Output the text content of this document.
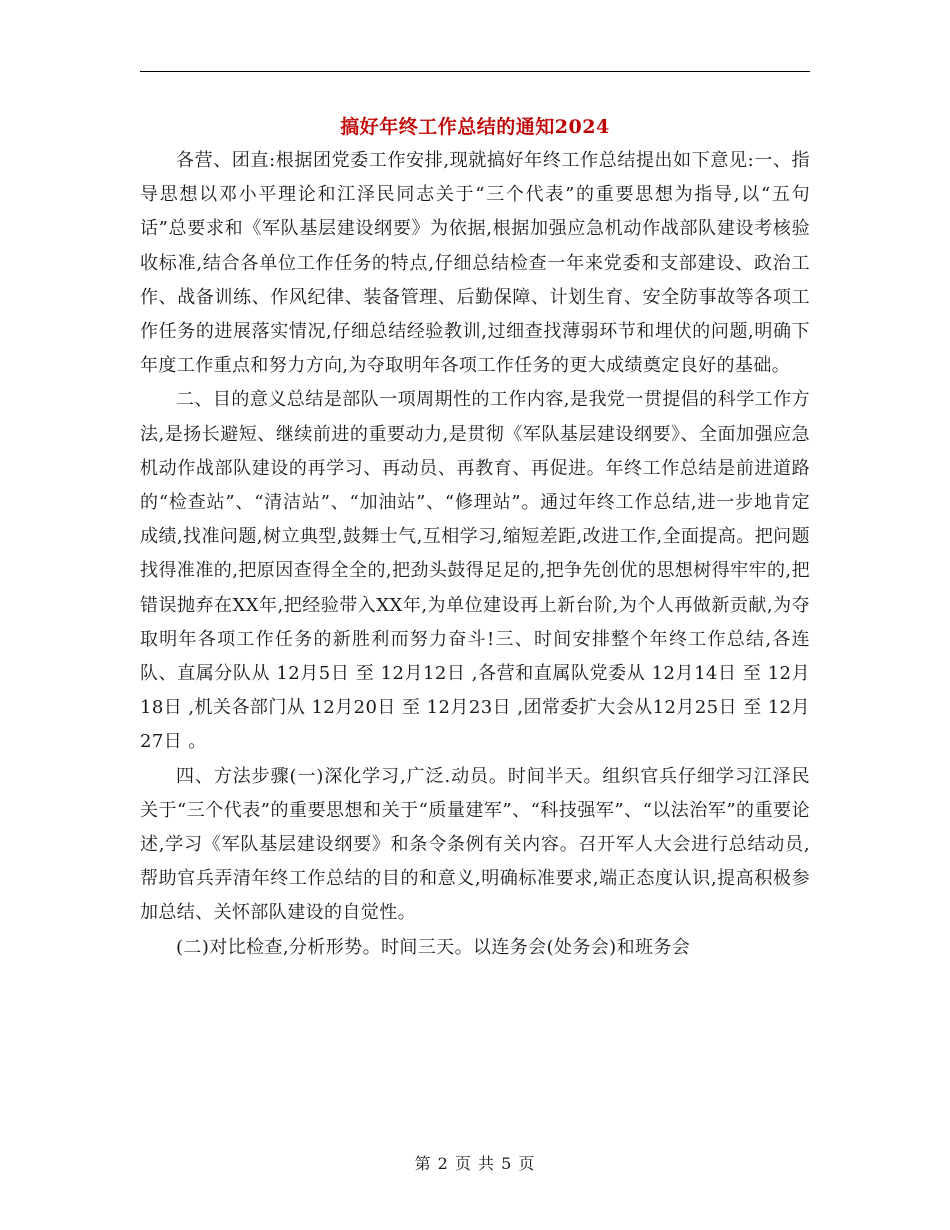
搞好年终工作总结的通知2024

各营、团直:根据团党委工作安排,现就搞好年终工作总结提出如下意见:一、指导思想以邓小平理论和江泽民同志关于“三个代表”的重要思想为指导,以“五句话”总要求和《军队基层建设纲要》为依据,根据加强应急机动作战部队建设考核验收标准,结合各单位工作任务的特点,仔细总结检查一年来党委和支部建设、政治工作、战备训练、作风纪律、装备管理、后勤保障、计划生育、安全防事故等各项工作任务的进展落实情况,仔细总结经验教训,过细查找薄弱环节和埋伏的问题,明确下年度工作重点和努力方向,为夺取明年各项工作任务的更大成绩奠定良好的基础。

二、目的意义总结是部队一项周期性的工作内容,是我党一贯提倡的科学工作方法,是扬长避短、继续前进的重要动力,是贯彻《军队基层建设纲要》、全面加强应急机动作战部队建设的再学习、再动员、再教育、再促进。年终工作总结是前进道路的“检查站”、“清洁站”、“加油站”、“修理站”。通过年终工作总结,进一步地肯定成绩,找准问题,树立典型,鼓舞士气,互相学习,缩短差距,改进工作,全面提高。把问题找得准准的,把原因查得全全的,把劲头鼓得足足的,把争先创优的思想树得牢牢的,把错误抛弃在XX年,把经验带入XX年,为单位建设再上新台阶,为个人再做新贡献,为夺取明年各项工作任务的新胜利而努力奋斗!三、时间安排整个年终工作总结,各连队、直属分队从 12月5日 至 12月12日 ,各营和直属队党委从 12月14日 至 12月18日 ,机关各部门从 12月20日 至 12月23日 ,团常委扩大会从12月25日 至 12月27日 。

四、方法步骤(一)深化学习,广泛.动员。时间半天。组织官兵仔细学习江泽民关于“三个代表”的重要思想和关于“质量建军”、“科技强军”、“以法治军”的重要论述,学习《军队基层建设纲要》和条令条例有关内容。召开军人大会进行总结动员,帮助官兵弄清年终工作总结的目的和意义,明确标准要求,端正态度认识,提高积极参加总结、关怀部队建设的自觉性。

(二)对比检查,分析形势。时间三天。以连务会(处务会)和班务会

第 2 页 共 5 页
